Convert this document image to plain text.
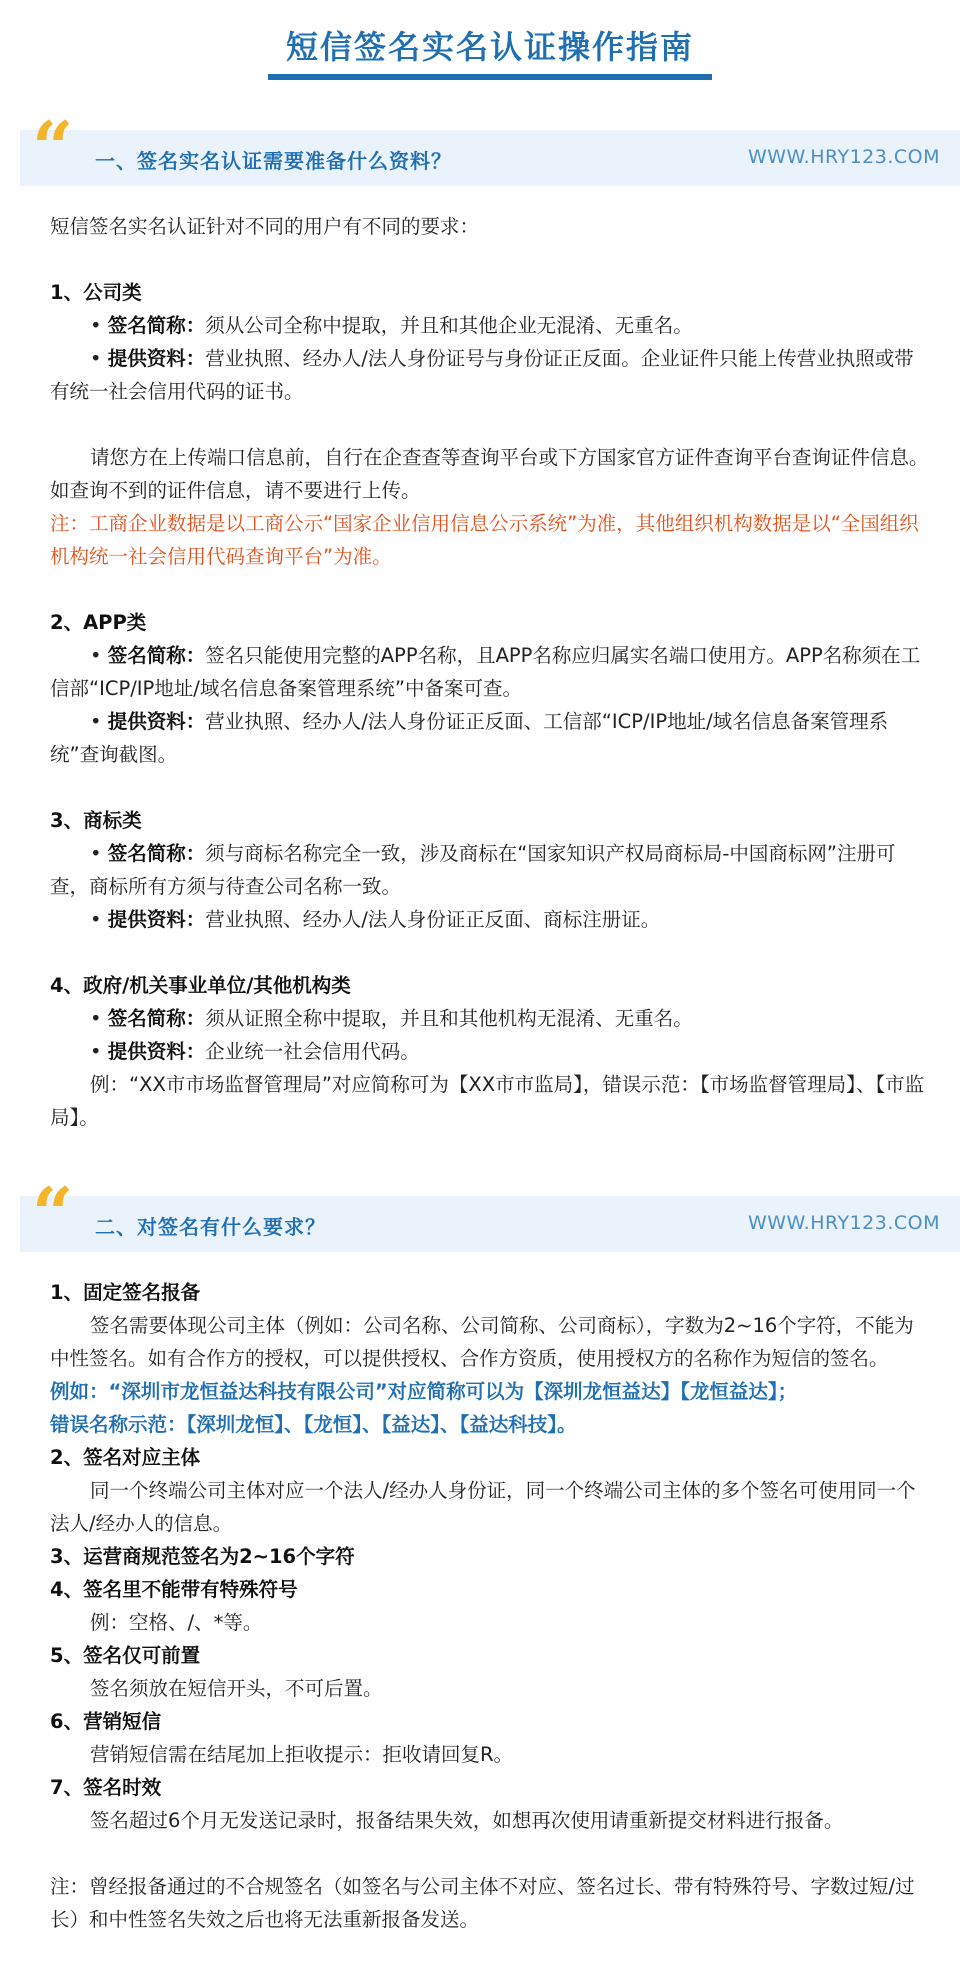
短信签名实名认证操作指南
“ 一、签名实名认证需要准备什么资料？	WWW.HRY123.COM

短信签名实名认证针对不同的用户有不同的要求：

1、公司类

• 签名简称：须从公司全称中提取，并且和其他企业无混淆、无重名。

• 提供资料：营业执照、经办人/法人身份证号与身份证正反面。企业证件只能上传营业执照或带有统一社会信用代码的证书。

请您方在上传端口信息前，自行在企查查等查询平台或下方国家官方证件查询平台查询证件信息。如查询不到的证件信息，请不要进行上传。

注：工商企业数据是以工商公示“国家企业信用信息公示系统”为准，其他组织机构数据是以“全国组织机构统一社会信用代码查询平台”为准。

2、APP类

• 签名简称：签名只能使用完整的APP名称，且APP名称应归属实名端口使用方。APP名称须在工信部“ICP/IP地址/域名信息备案管理系统”中备案可查。

• 提供资料：营业执照、经办人/法人身份证正反面、工信部“ICP/IP地址/域名信息备案管理系统”查询截图。

3、商标类

• 签名简称：须与商标名称完全一致，涉及商标在“国家知识产权局商标局-中国商标网”注册可查，商标所有方须与待查公司名称一致。

• 提供资料：营业执照、经办人/法人身份证正反面、商标注册证。

4、政府/机关事业单位/其他机构类

• 签名简称：须从证照全称中提取，并且和其他机构无混淆、无重名。

• 提供资料：企业统一社会信用代码。

例：“XX市市场监督管理局”对应简称可为【XX市市监局】，错误示范：【市场监督管理局】、【市监局】。

“ 二、对签名有什么要求？	WWW.HRY123.COM

1、固定签名报备

签名需要体现公司主体（例如：公司名称、公司简称、公司商标），字数为2~16个字符，不能为中性签名。如有合作方的授权，可以提供授权、合作方资质，使用授权方的名称作为短信的签名。

例如：“深圳市龙恒益达科技有限公司”对应简称可以为【深圳龙恒益达】【龙恒益达】；

错误名称示范：【深圳龙恒】、【龙恒】、【益达】、【益达科技】。

2、签名对应主体

同一个终端公司主体对应一个法人/经办人身份证，同一个终端公司主体的多个签名可使用同一个法人/经办人的信息。

3、运营商规范签名为2~16个字符

4、签名里不能带有特殊符号

例：空格、/、*等。

5、签名仅可前置

签名须放在短信开头，不可后置。

6、营销短信

营销短信需在结尾加上拒收提示：拒收请回复R。

7、签名时效

签名超过6个月无发送记录时，报备结果失效，如想再次使用请重新提交材料进行报备。

注：曾经报备通过的不合规签名（如签名与公司主体不对应、签名过长、带有特殊符号、字数过短/过长）和中性签名失效之后也将无法重新报备发送。
